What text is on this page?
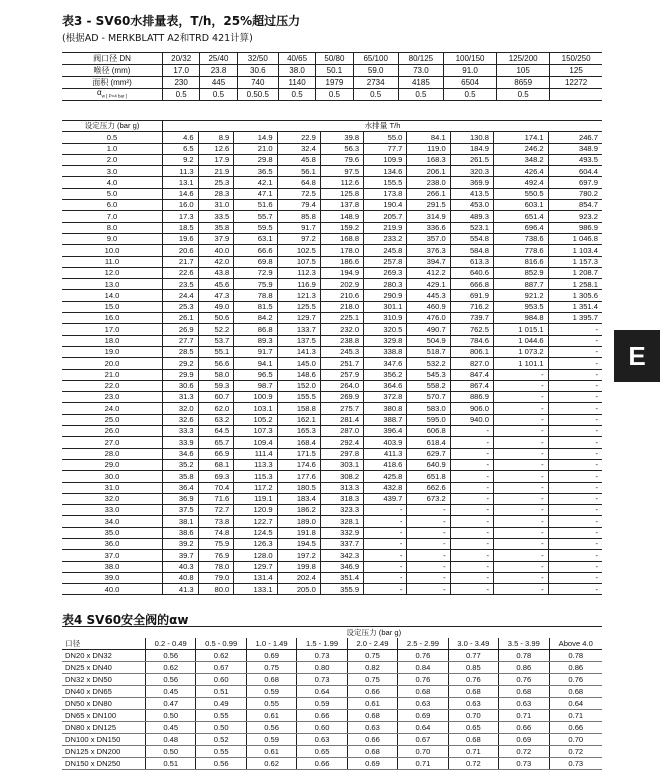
表3 - SV60水排量表，T/h，25%超过压力
(根据AD - MERKBLATT A2和TRD 421计算)
阀口径 DN	20/32	25/40	32/50	40/65	50/80	65/100	80/125	100/150	125/200	150/250
喉径 (mm)	17.0	23.8	30.6	38.0	50.1	59.0	73.0	91.0	105	125
面积 (mm²)	230	445	740	1140	1979	2734	4185	6504	8659	12272
$\alpha_{w [ P>4 bar ]}$	0.5	0.5	0.50.5	0.5	0.5	0.5	0.5	0.5	0.5	
设定压力 (bar g)	水排量 T/h									
0.5	4.6	8.9	14.9	22.9	39.8	55.0	84.1	130.8	174.1	246.7
1.0	6.5	12.6	21.0	32.4	56.3	77.7	119.0	184.9	246.2	348.9
2.0	9.2	17.9	29.8	45.8	79.6	109.9	168.3	261.5	348.2	493.5
3.0	11.3	21.9	36.5	56.1	97.5	134.6	206.1	320.3	426.4	604.4
4.0	13.1	25.3	42.1	64.8	112.6	155.5	238.0	369.9	492.4	697.9
5.0	14.6	28.3	47.1	72.5	125.8	173.8	266.1	413.5	550.5	780.2
6.0	16.0	31.0	51.6	79.4	137.8	190.4	291.5	453.0	603.1	854.7
7.0	17.3	33.5	55.7	85.8	148.9	205.7	314.9	489.3	651.4	923.2
8.0	18.5	35.8	59.5	91.7	159.2	219.9	336.6	523.1	696.4	986.9
9.0	19.6	37.9	63.1	97.2	168.8	233.2	357.0	554.8	738.6	1 046.8
10.0	20.6	40.0	66.6	102.5	178.0	245.8	376.3	584.8	778.6	1 103.4
11.0	21.7	42.0	69.8	107.5	186.6	257.8	394.7	613.3	816.6	1 157.3
12.0	22.6	43.8	72.9	112.3	194.9	269.3	412.2	640.6	852.9	1 208.7
13.0	23.5	45.6	75.9	116.9	202.9	280.3	429.1	666.8	887.7	1 258.1
14.0	24.4	47.3	78.8	121.3	210.6	290.9	445.3	691.9	921.2	1 305.6
15.0	25.3	49.0	81.5	125.5	218.0	301.1	460.9	716.2	953.5	1 351.4
16.0	26.1	50.6	84.2	129.7	225.1	310.9	476.0	739.7	984.8	1 395.7
17.0	26.9	52.2	86.8	133.7	232.0	320.5	490.7	762.5	1 015.1	-
18.0	27.7	53.7	89.3	137.5	238.8	329.8	504.9	784.6	1 044.6	-
19.0	28.5	55.1	91.7	141.3	245.3	338.8	518.7	806.1	1 073.2	-
20.0	29.2	56.6	94.1	145.0	251.7	347.6	532.2	827.0	1 101.1	-
21.0	29.9	58.0	96.5	148.6	257.9	356.2	545.3	847.4	-	-
22.0	30.6	59.3	98.7	152.0	264.0	364.6	558.2	867.4	-	-
23.0	31.3	60.7	100.9	155.5	269.9	372.8	570.7	886.9	-	-
24.0	32.0	62.0	103.1	158.8	275.7	380.8	583.0	906.0	-	-
25.0	32.6	63.2	105.2	162.1	281.4	388.7	595.0	940.0	-	-
26.0	33.3	64.5	107.3	165.3	287.0	396.4	606.8	-	-	-
27.0	33.9	65.7	109.4	168.4	292.4	403.9	618.4	-	-	-
28.0	34.6	66.9	111.4	171.5	297.8	411.3	629.7	-	-	-
29.0	35.2	68.1	113.3	174.6	303.1	418.6	640.9	-	-	-
30.0	35.8	69.3	115.3	177.6	308.2	425.8	651.8	-	-	-
31.0	36.4	70.4	117.2	180.5	313.3	432.8	662.6	-	-	-
32.0	36.9	71.6	119.1	183.4	318.3	439.7	673.2	-	-	-
33.0	37.5	72.7	120.9	186.2	323.3	-	-	-	-	-
34.0	38.1	73.8	122.7	189.0	328.1	-	-	-	-	-
35.0	38.6	74.8	124.5	191.8	332.9	-	-	-	-	-
36.0	39.2	75.9	126.3	194.5	337.7	-	-	-	-	-
37.0	39.7	76.9	128.0	197.2	342.3	-	-	-	-	-
38.0	40.3	78.0	129.7	199.8	346.9	-	-	-	-	-
39.0	40.8	79.0	131.4	202.4	351.4	-	-	-	-	-
40.0	41.3	80.0	133.1	205.0	355.9	-	-	-	-	-
表4 SV60安全阀的αw
	设定压力 (bar g)								
口径	0.2 - 0.49	0.5 - 0.99	1.0 - 1.49	1.5 - 1.99	2.0 - 2.49	2.5 - 2.99	3.0 - 3.49	3.5 - 3.99	Above 4.0
DN20 x DN32	0.56	0.62	0.69	0.73	0.75	0.76	0.77	0.78	0.78
DN25 x DN40	0.62	0.67	0.75	0.80	0.82	0.84	0.85	0.86	0.86
DN32 x DN50	0.56	0.60	0.68	0.73	0.75	0.76	0.76	0.76	0.76
DN40 x DN65	0.45	0.51	0.59	0.64	0.66	0.68	0.68	0.68	0.68
DN50 x DN80	0.47	0.49	0.55	0.59	0.61	0.63	0.63	0.63	0.64
DN65 x DN100	0.50	0.55	0.61	0.66	0.68	0.69	0.70	0.71	0.71
DN80 x DN125	0.45	0.50	0.56	0.60	0.63	0.64	0.65	0.66	0.66
DN100 x DN150	0.48	0.52	0.59	0.63	0.66	0.67	0.68	0.69	0.70
DN125 x DN200	0.50	0.55	0.61	0.65	0.68	0.70	0.71	0.72	0.72
DN150 x DN250	0.51	0.56	0.62	0.66	0.69	0.71	0.72	0.73	0.73
E
